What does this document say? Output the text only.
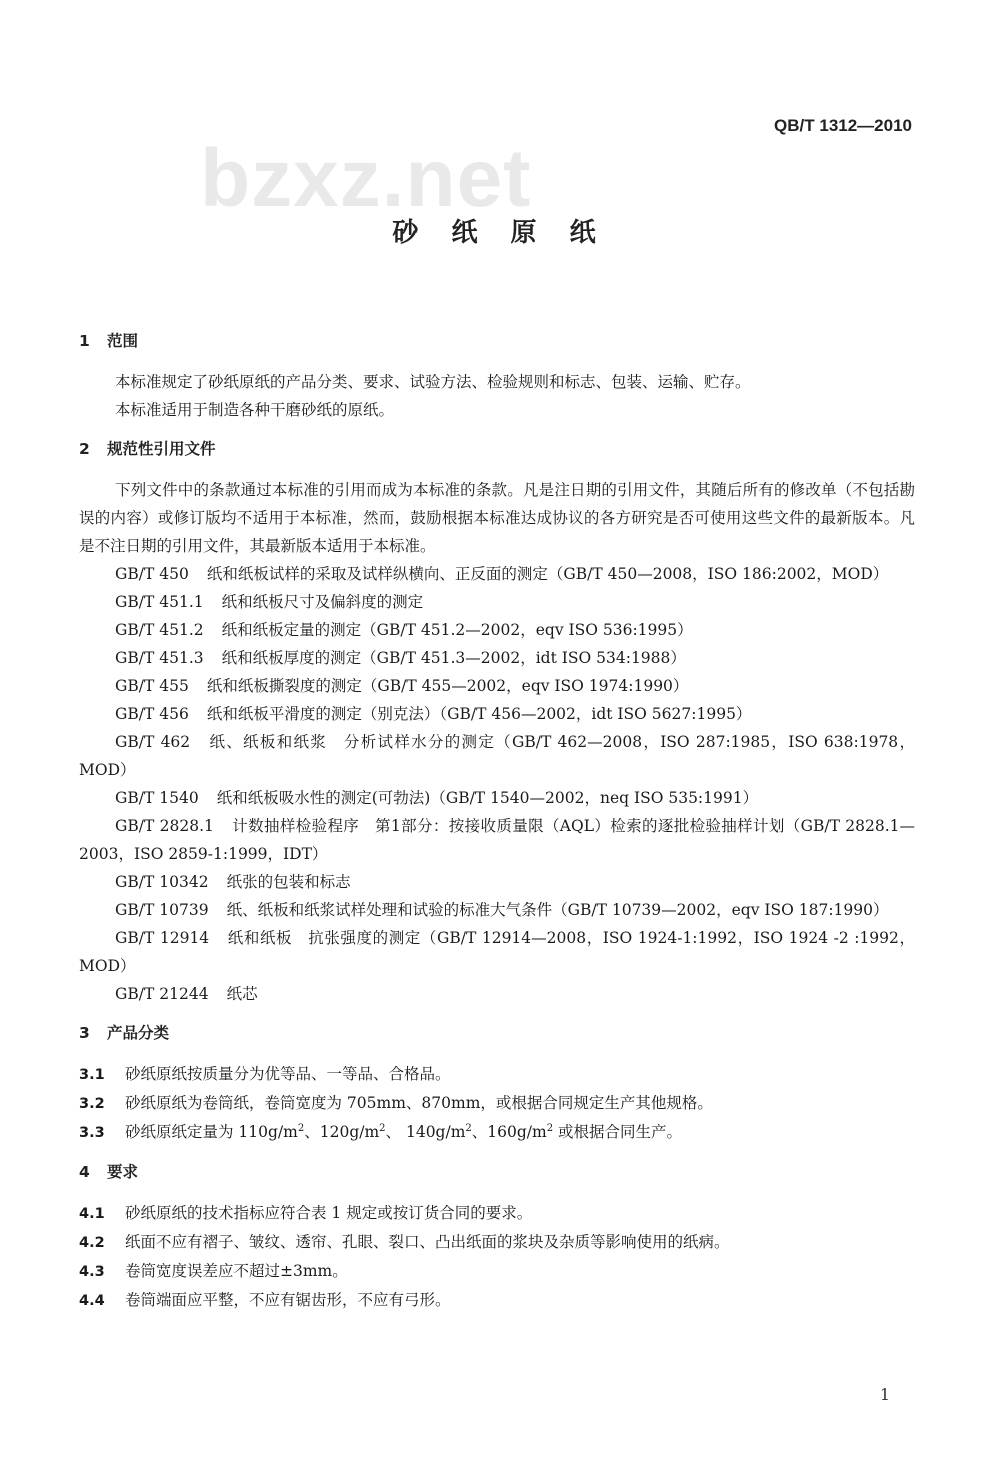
QB/T 1312—2010
bzxz.net
砂 纸 原 纸
1 范围

本标准规定了砂纸原纸的产品分类、要求、试验方法、检验规则和标志、包装、运输、贮存。

本标准适用于制造各种干磨砂纸的原纸。

2 规范性引用文件

下列文件中的条款通过本标准的引用而成为本标准的条款。凡是注日期的引用文件，其随后所有的修改单（不包括勘误的内容）或修订版均不适用于本标准，然而，鼓励根据本标准达成协议的各方研究是否可使用这些文件的最新版本。凡是不注日期的引用文件，其最新版本适用于本标准。

GB/T 450 纸和纸板试样的采取及试样纵横向、正反面的测定（GB/T 450—2008，ISO 186:2002，MOD）

GB/T 451.1 纸和纸板尺寸及偏斜度的测定

GB/T 451.2 纸和纸板定量的测定（GB/T 451.2—2002，eqv ISO 536:1995）

GB/T 451.3 纸和纸板厚度的测定（GB/T 451.3—2002，idt ISO 534:1988）

GB/T 455 纸和纸板撕裂度的测定（GB/T 455—2002，eqv ISO 1974:1990）

GB/T 456 纸和纸板平滑度的测定（别克法）（GB/T 456—2002，idt ISO 5627:1995）

GB/T 462 纸、纸板和纸浆　分析试样水分的测定（GB/T 462—2008，ISO 287:1985，ISO 638:1978，MOD）

GB/T 1540 纸和纸板吸水性的测定(可勃法)（GB/T 1540—2002，neq ISO 535:1991）

GB/T 2828.1 计数抽样检验程序　第1部分：按接收质量限（AQL）检索的逐批检验抽样计划（GB/T 2828.1—2003，ISO 2859-1:1999，IDT）

GB/T 10342 纸张的包装和标志

GB/T 10739 纸、纸板和纸浆试样处理和试验的标准大气条件（GB/T 10739—2002，eqv ISO 187:1990）

GB/T 12914 纸和纸板　抗张强度的测定（GB/T 12914—2008，ISO 1924-1:1992，ISO 1924 -2 :1992，MOD）

GB/T 21244 纸芯

3 产品分类

3.1 砂纸原纸按质量分为优等品、一等品、合格品。

3.2 砂纸原纸为卷筒纸，卷筒宽度为 705mm、870mm，或根据合同规定生产其他规格。

3.3 砂纸原纸定量为 $110g/m^2$、$120g/m^2$、 $140g/m^2$、$160g/m^2$ 或根据合同生产。

4 要求

4.1 砂纸原纸的技术指标应符合表 1 规定或按订货合同的要求。

4.2 纸面不应有褶子、皱纹、透帘、孔眼、裂口、凸出纸面的浆块及杂质等影响使用的纸病。

4.3 卷筒宽度误差应不超过±3mm。

4.4 卷筒端面应平整，不应有锯齿形，不应有弓形。

1
